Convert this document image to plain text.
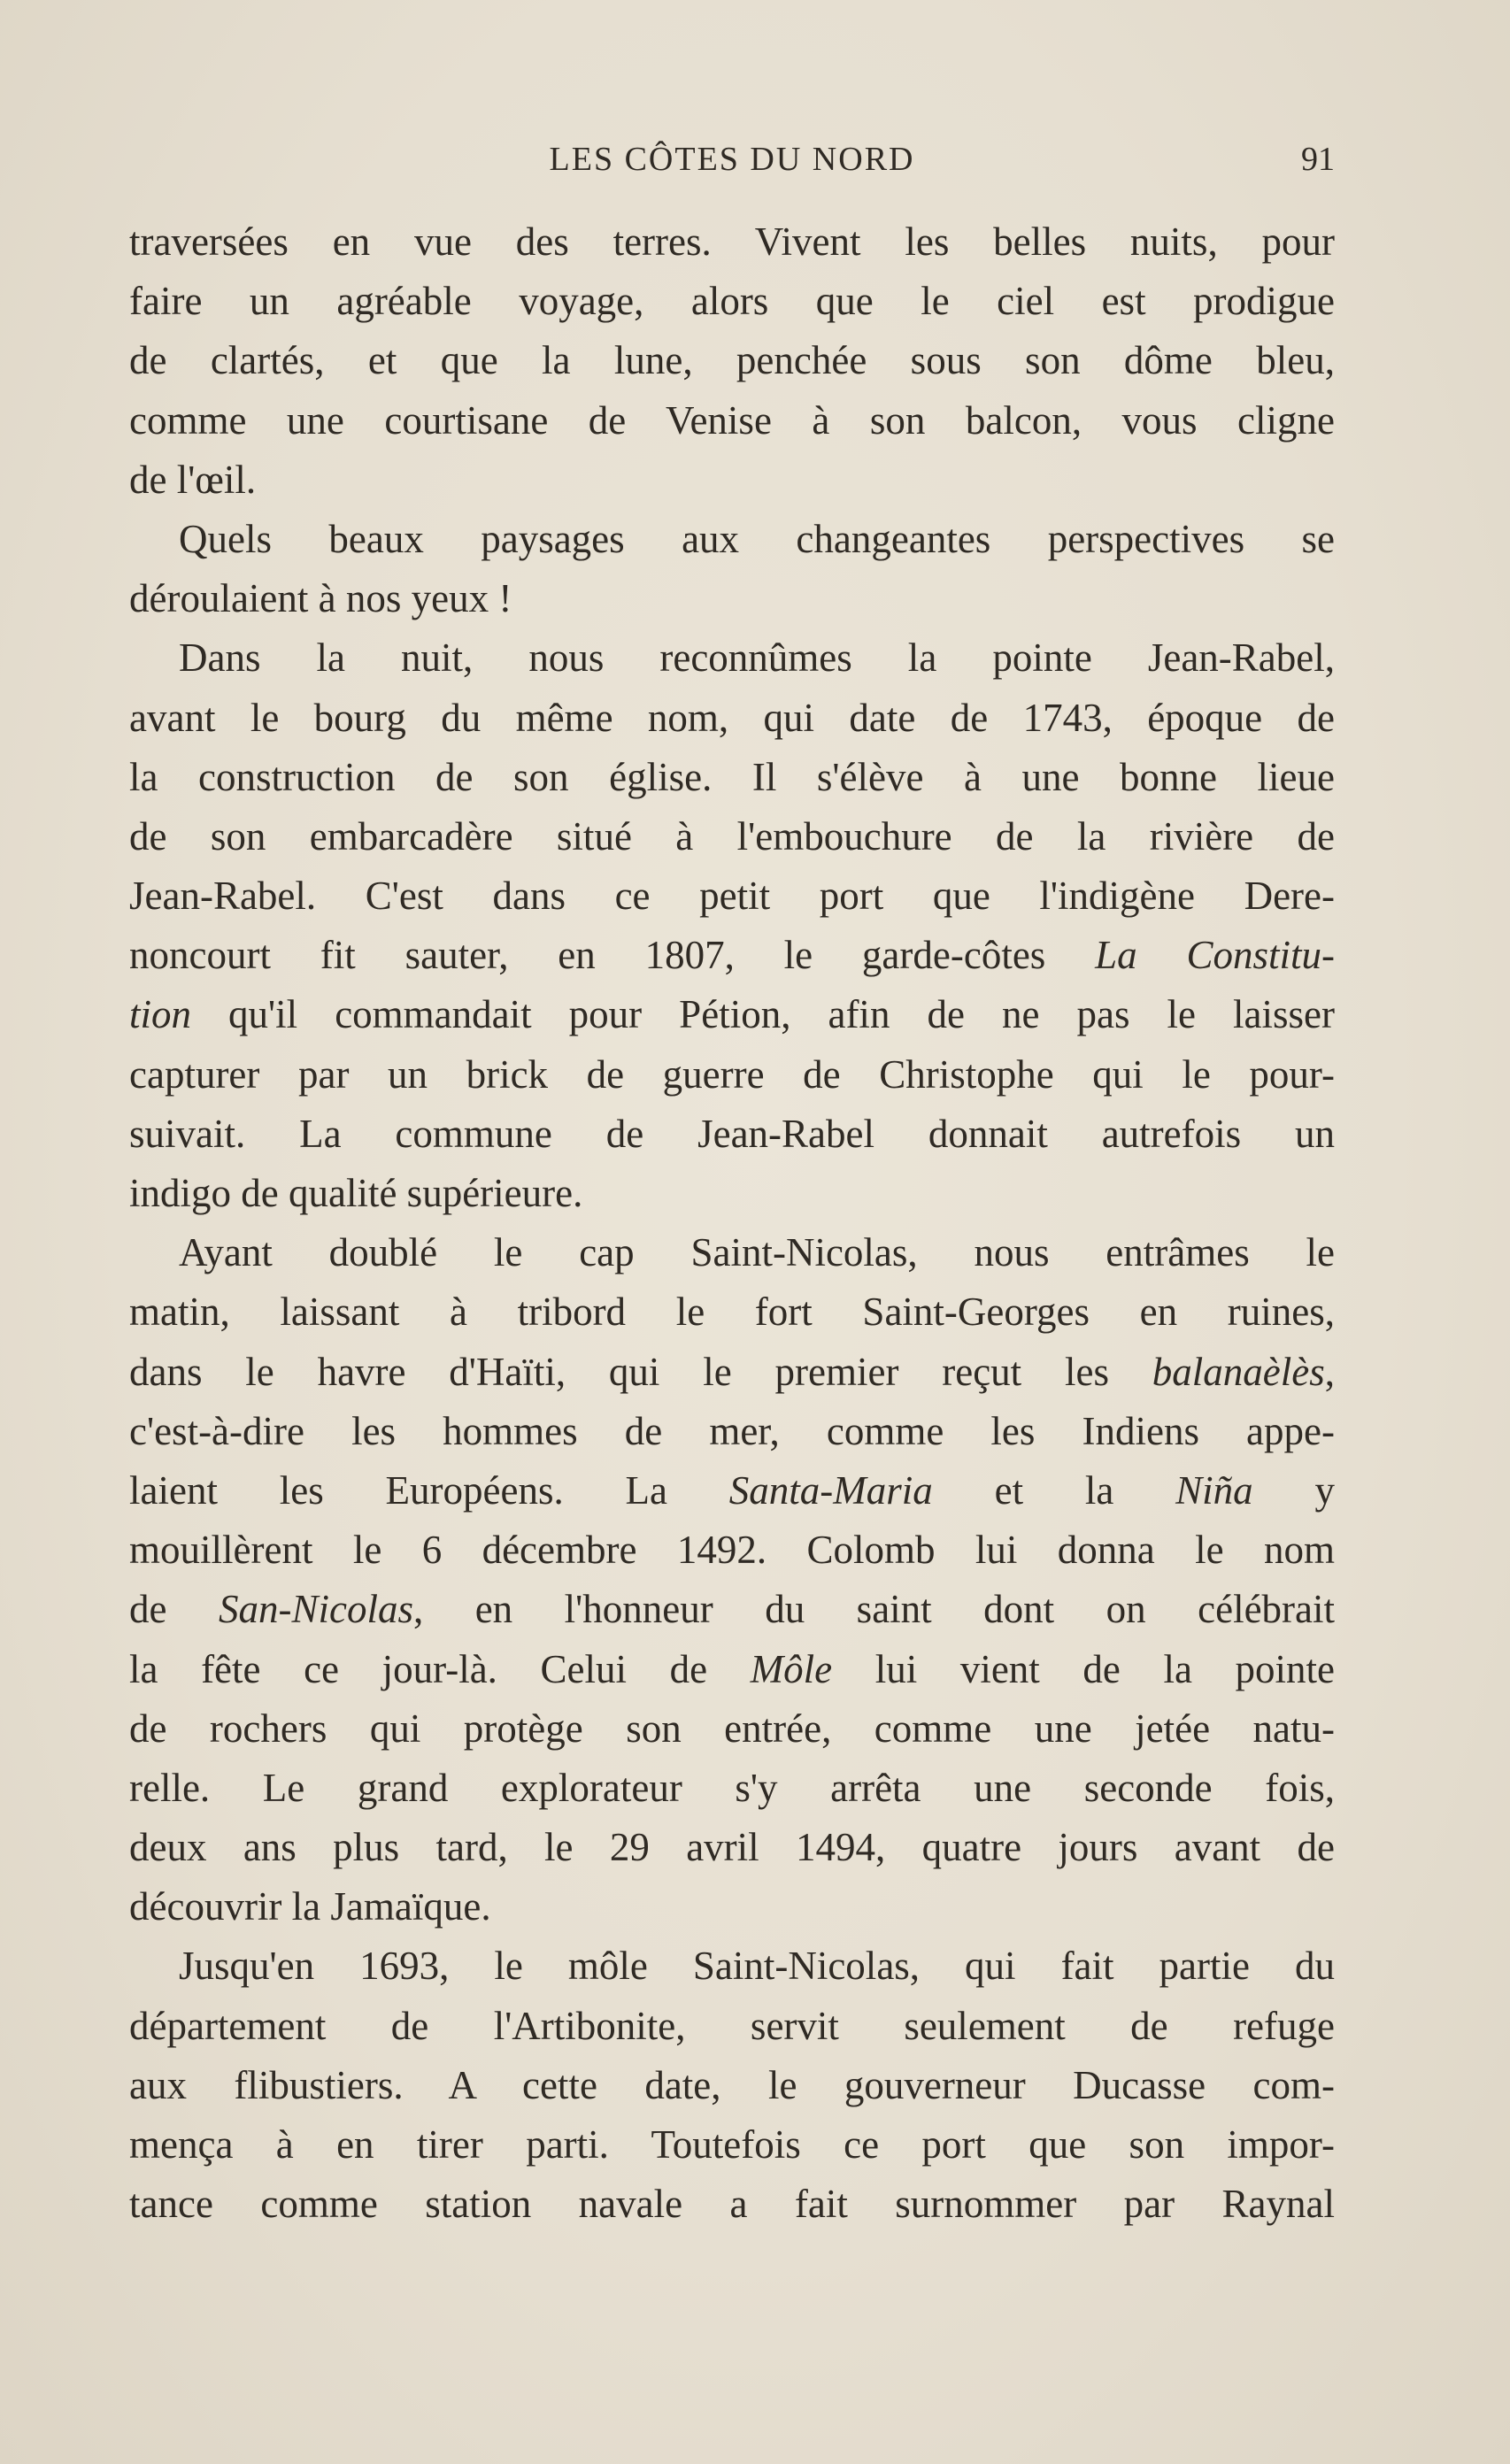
LES CÔTES DU NORD	91
traversées en vue des terres. Vivent les belles nuits, pour
faire un agréable voyage, alors que le ciel est prodigue
de clartés, et que la lune, penchée sous son dôme bleu,
comme une courtisane de Venise à son balcon, vous cligne
de l'œil.
Quels beaux paysages aux changeantes perspectives se
déroulaient à nos yeux !
Dans la nuit, nous reconnûmes la pointe Jean-Rabel,
avant le bourg du même nom, qui date de 1743, époque de
la construction de son église. Il s'élève à une bonne lieue
de son embarcadère situé à l'embouchure de la rivière de
Jean-Rabel. C'est dans ce petit port que l'indigène Dere-
noncourt fit sauter, en 1807, le garde-côtes La Constitu-
tion qu'il commandait pour Pétion, afin de ne pas le laisser
capturer par un brick de guerre de Christophe qui le pour-
suivait. La commune de Jean-Rabel donnait autrefois un
indigo de qualité supérieure.
Ayant doublé le cap Saint-Nicolas, nous entrâmes le
matin, laissant à tribord le fort Saint-Georges en ruines,
dans le havre d'Haïti, qui le premier reçut les balanaèlès,
c'est-à-dire les hommes de mer, comme les Indiens appe-
laient les Européens. La Santa-Maria et la Niña y
mouillèrent le 6 décembre 1492. Colomb lui donna le nom
de San-Nicolas, en l'honneur du saint dont on célébrait
la fête ce jour-là. Celui de Môle lui vient de la pointe
de rochers qui protège son entrée, comme une jetée natu-
relle. Le grand explorateur s'y arrêta une seconde fois,
deux ans plus tard, le 29 avril 1494, quatre jours avant de
découvrir la Jamaïque.
Jusqu'en 1693, le môle Saint-Nicolas, qui fait partie du
département de l'Artibonite, servit seulement de refuge
aux flibustiers. A cette date, le gouverneur Ducasse com-
mença à en tirer parti. Toutefois ce port que son impor-
tance comme station navale a fait surnommer par Raynal
